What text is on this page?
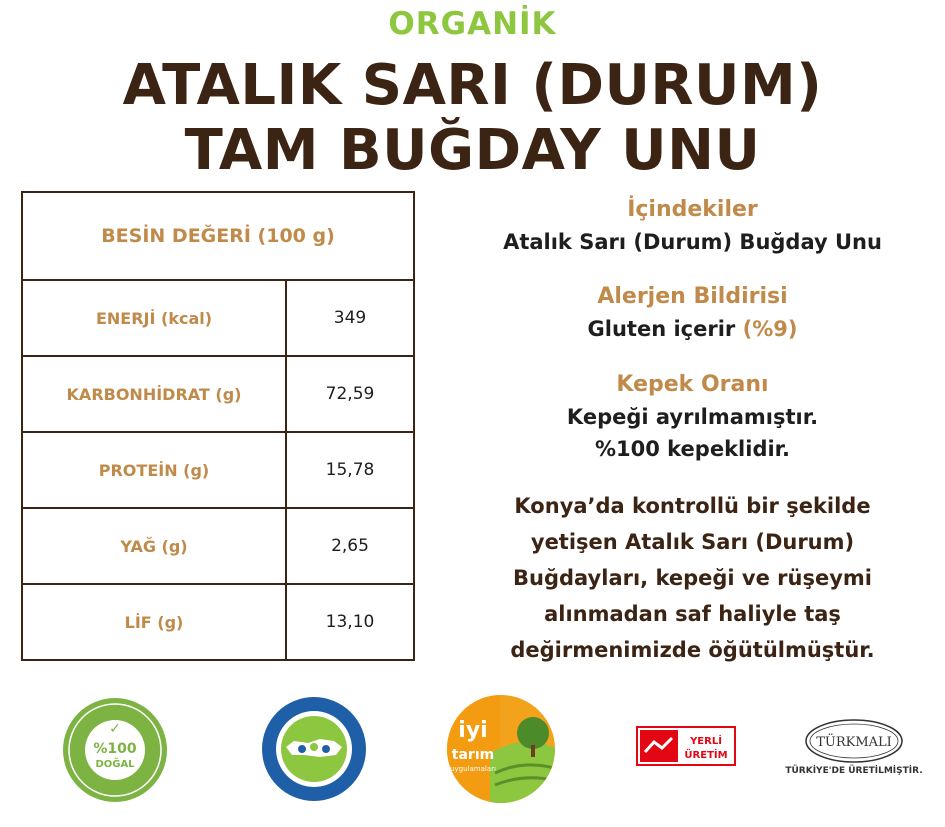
ORGANİK
ATALIK SARI (DURUM)
TAM BUĞDAY UNU
BESİN DEĞERİ (100 g)	
ENERJİ (kcal)	349
KARBONHİDRAT (g)	72,59
PROTEİN (g)	15,78
YAĞ (g)	2,65
LİF (g)	13,10
İçindekiler
Atalık Sarı (Durum) Buğday Unu
Alerjen Bildirisi
Gluten içerir (%9)
Kepek Oranı
Kepeği ayrılmamıştır.
%100 kepeklidir.
Konya’da kontrollü bir şekilde
yetişen Atalık Sarı (Durum)
Buğdayları, kepeği ve rüşeymi
alınmadan saf haliyle taş
değirmenimizde öğütülmüştür.
✓
%100
DOĞAL
iyi
tarım
uygulamaları
YERLİ
ÜRETİM
TÜRKMALI
TÜRKİYE'DE ÜRETİLMİŞTİR.
